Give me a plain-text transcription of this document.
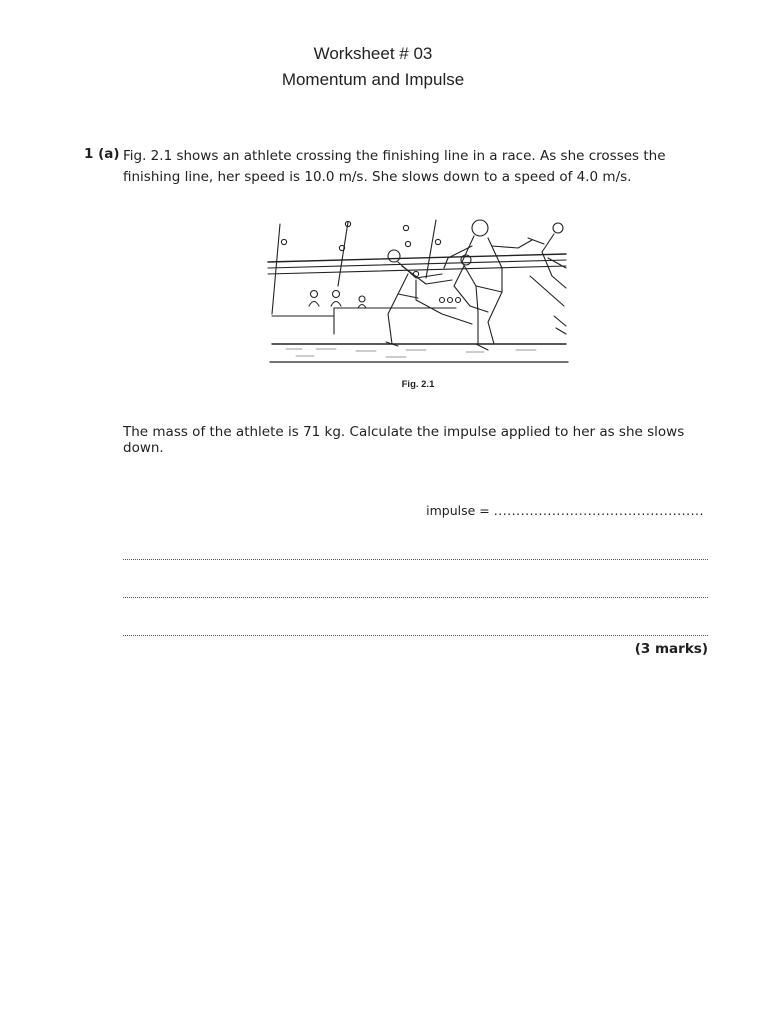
Worksheet # 03
Momentum and Impulse
1 (a) Fig. 2.1 shows an athlete crossing the finishing line in a race. As she crosses the finishing line, her speed is 10.0 m/s. She slows down to a speed of 4.0 m/s.
Fig. 2.1
The mass of the athlete is 71 kg. Calculate the impulse applied to her as she slows down.
impulse = ...............................................
(3 marks)
